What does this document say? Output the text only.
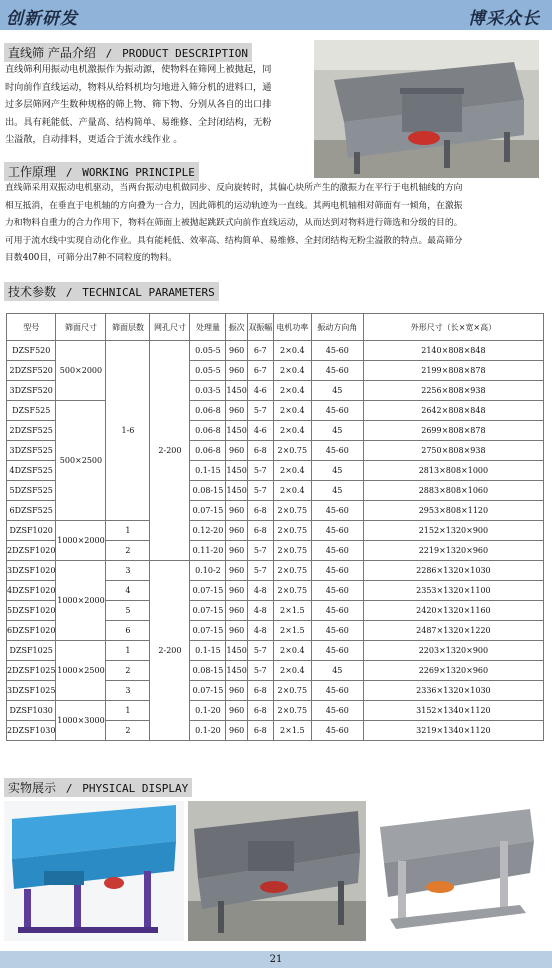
创新研发	博采众长
直线筛 产品介绍 / PRODUCT DESCRIPTION
直线筛利用振动电机激振作为振动源，使物料在筛网上被抛起，同
时向前作直线运动，物料从给料机均匀地进入筛分机的进料口，通
过多层筛网产生数种规格的筛上物、筛下物、分别从各自的出口排
出。具有耗能低、产量高、结构简单、易维修、全封闭结构，无粉
尘溢散，自动排料，更适合于流水线作业 。
工作原理 / WORKING PRINCIPLE
直线筛采用双振动电机驱动，当两台振动电机做同步、反向旋转时，其偏心块所产生的激振力在平行于电机轴线的方向
相互抵消，在垂直于电机轴的方向叠为一合力，因此筛机的运动轨迹为一直线。其两电机轴相对筛面有一倾角，在激振
力和物料自重力的合力作用下，物料在筛面上被抛起跳跃式向前作直线运动，从而达到对物料进行筛选和分级的目的。
可用于流水线中实现自动化作业。具有能耗低、效率高、结构简单、易维修、全封闭结构无粉尘溢散的特点。最高筛分
目数400目，可筛分出7种不同粒度的物料。
技术参数 / TECHNICAL PARAMETERS
型号	筛面尺寸	筛面层数	网孔尺寸	处理量	振次	双振幅	电机功率	振动方向角	外形尺寸（长×宽×高）
DZSF520	500×2000	1-6	2-200	0.05-5	960	6-7	2×0.4	45-60	2140×808×848
2DZSF520				0.05-5	960	6-7	2×0.4	45-60	2199×808×878
3DZSF520				0.03-5	1450	4-6	2×0.4	45	2256×808×938
DZSF525	500×2500			0.06-8	960	5-7	2×0.4	45-60	2642×808×848
2DZSF525				0.06-8	1450	4-6	2×0.4	45	2699×808×878
3DZSF525				0.06-8	960	6-8	2×0.75	45-60	2750×808×938
4DZSF525				0.1-15	1450	5-7	2×0.4	45	2813×808×1000
5DZSF525				0.08-15	1450	5-7	2×0.4	45	2883×808×1060
6DZSF525				0.07-15	960	6-8	2×0.75	45-60	2953×808×1120
DZSF1020	1000×2000	1		0.12-20	960	6-8	2×0.75	45-60	2152×1320×900
2DZSF1020		2		0.11-20	960	5-7	2×0.75	45-60	2219×1320×960
3DZSF1020	1000×2000	3	2-200	0.10-2	960	5-7	2×0.75	45-60	2286×1320×1030
4DZSF1020		4		0.07-15	960	4-8	2×0.75	45-60	2353×1320×1100
5DZSF1020		5		0.07-15	960	4-8	2×1.5	45-60	2420×1320×1160
6DZSF1020		6		0.07-15	960	4-8	2×1.5	45-60	2487×1320×1220
DZSF1025	1000×2500	1		0.1-15	1450	5-7	2×0.4	45-60	2203×1320×900
2DZSF1025		2		0.08-15	1450	5-7	2×0.4	45	2269×1320×960
3DZSF1025		3		0.07-15	960	6-8	2×0.75	45-60	2336×1320×1030
DZSF1030	1000×3000	1		0.1-20	960	6-8	2×0.75	45-60	3152×1340×1120
2DZSF1030		2		0.1-20	960	6-8	2×1.5	45-60	3219×1340×1120
实物展示 / PHYSICAL DISPLAY
21
